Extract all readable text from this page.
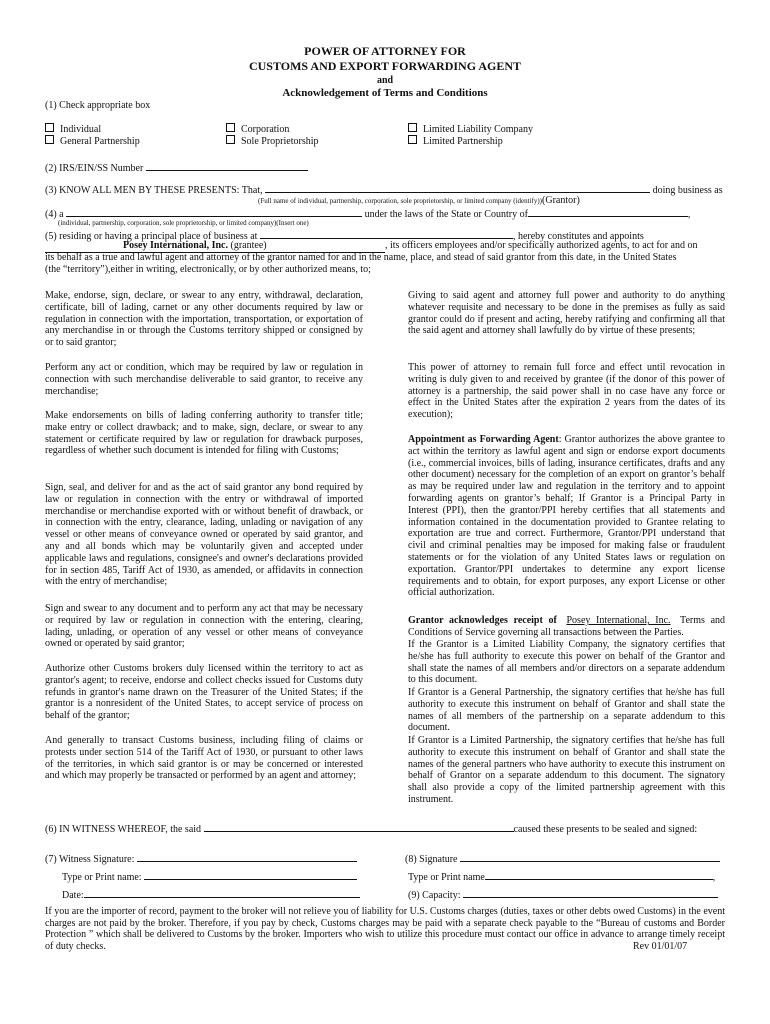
POWER OF ATTORNEY FOR
CUSTOMS AND EXPORT FORWARDING AGENT
and
Acknowledgement of Terms and Conditions
(1) Check appropriate box
Individual
General Partnership
Corporation
Sole Proprietorship
Limited Liability Company
Limited Partnership
(2) IRS/EIN/SS Number
(3) KNOW ALL MEN BY THESE PRESENTS: That,	doing business as
(Full name of individual, partnership, corporation, sole proprietorship, or limited company (identify))(Grantor)
(4) a	under the laws of the State or Country of	,
(individual, partnership, corporation, sole proprietorship, or limited company)(Insert one)
(5) residing or having a principal place of business at	, hereby constitutes and appoints
Posey International, Inc. (grantee)	, its officers employees and/or specifically authorized agents, to act for and on
its behalf as a true and lawful agent and attorney of the grantor named for and in the name, place, and stead of said grantor from this date, in the United States
(the “territory”),either in writing, electronically, or by other authorized means, to;
Make, endorse, sign, declare, or swear to any entry, withdrawal, declaration, certificate, bill of lading, carnet or any other documents required by law or regulation in connection with the importation, transportation, or exportation of any merchandise in or through the Customs territory shipped or consigned by or to said grantor;
Perform any act or condition, which may be required by law or regulation in connection with such merchandise deliverable to said grantor, to receive any merchandise;
Make endorsements on bills of lading conferring authority to transfer title; make entry or collect drawback; and to make, sign, declare, or swear to any statement or certificate required by law or regulation for drawback purposes, regardless of whether such document is intended for filing with Customs;
Sign, seal, and deliver for and as the act of said grantor any bond required by law or regulation in connection with the entry or withdrawal of imported merchandise or merchandise exported with or without benefit of drawback, or in connection with the entry, clearance, lading, unlading or navigation of any vessel or other means of conveyance owned or operated by said grantor, and any and all bonds which may be voluntarily given and accepted under applicable laws and regulations, consignee's and owner's declarations provided for in section 485, Tariff Act of 1930, as amended, or affidavits in connection with the entry of merchandise;
Sign and swear to any document and to perform any act that may be necessary or required by law or regulation in connection with the entering, clearing, lading, unlading, or operation of any vessel or other means of conveyance owned or operated by said grantor;
Authorize other Customs brokers duly licensed within the territory to act as grantor's agent; to receive, endorse and collect checks issued for Customs duty refunds in grantor's name drawn on the Treasurer of the United States; if the grantor is a nonresident of the United States, to accept service of process on behalf of the grantor;
And generally to transact Customs business, including filing of claims or protests under section 514 of the Tariff Act of 1930, or pursuant to other laws of the territories, in which said grantor is or may be concerned or interested and which may properly be transacted or performed by an agent and attorney;
Giving to said agent and attorney full power and authority to do anything whatever requisite and necessary to be done in the premises as fully as said grantor could do if present and acting, hereby ratifying and confirming all that the said agent and attorney shall lawfully do by virtue of these presents;
This power of attorney to remain full force and effect until revocation in writing is duly given to and received by grantee (if the donor of this power of attorney is a partnership, the said power shall in no case have any force or effect in the United States after the expiration 2 years from the dates of its execution);
Appointment as Forwarding Agent: Grantor authorizes the above grantee to act within the territory as lawful agent and sign or endorse export documents (i.e., commercial invoices, bills of lading, insurance certificates, drafts and any other document) necessary for the completion of an export on grantor’s behalf as may be required under law and regulation in the territory and to appoint forwarding agents on grantor’s behalf; If Grantor is a Principal Party in Interest (PPI), then the grantor/PPI hereby certifies that all statements and information contained in the documentation provided to Grantee relating to exportation are true and correct. Furthermore, Grantor/PPI understand that civil and criminal penalties may be imposed for making false or fraudulent statements or for the violation of any United States laws or regulation on exportation. Grantor/PPI undertakes to determine any export license requirements and to obtain, for export purposes, any export License or other official authorization.
Grantor acknowledges receipt of Posey International, Inc. Terms and Conditions of Service governing all transactions between the Parties.
If the Grantor is a Limited Liability Company, the signatory certifies that he/she has full authority to execute this power on behalf of the Grantor and shall state the names of all members and/or directors on a separate addendum to this document.
If Grantor is a General Partnership, the signatory certifies that he/she has full authority to execute this instrument on behalf of Grantor and shall state the names of all members of the partnership on a separate addendum to this document.
If Grantor is a Limited Partnership, the signatory certifies that he/she has full authority to execute this instrument on behalf of Grantor and shall state the names of the general partners who have authority to execute this instrument on behalf of Grantor on a separate addendum to this document. The signatory shall also provide a copy of the limited partnership agreement with this instrument.
(6) IN WITNESS WHEREOF, the said	caused these presents to be sealed and signed:
(7) Witness Signature:
Type or Print name:
Date:
(8) Signature
Type or Print name	,
(9) Capacity:
If you are the importer of record, payment to the broker will not relieve you of liability for U.S. Customs charges (duties, taxes or other debts owed Customs) in the event charges are not paid by the broker. Therefore, if you pay by check, Customs charges may be paid with a separate check payable to the “Bureau of customs and Border Protection ” which shall be delivered to Customs by the broker. Importers who wish to utilize this procedure must contact our office in advance to arrange timely receipt of duty checks.	Rev 01/01/07
